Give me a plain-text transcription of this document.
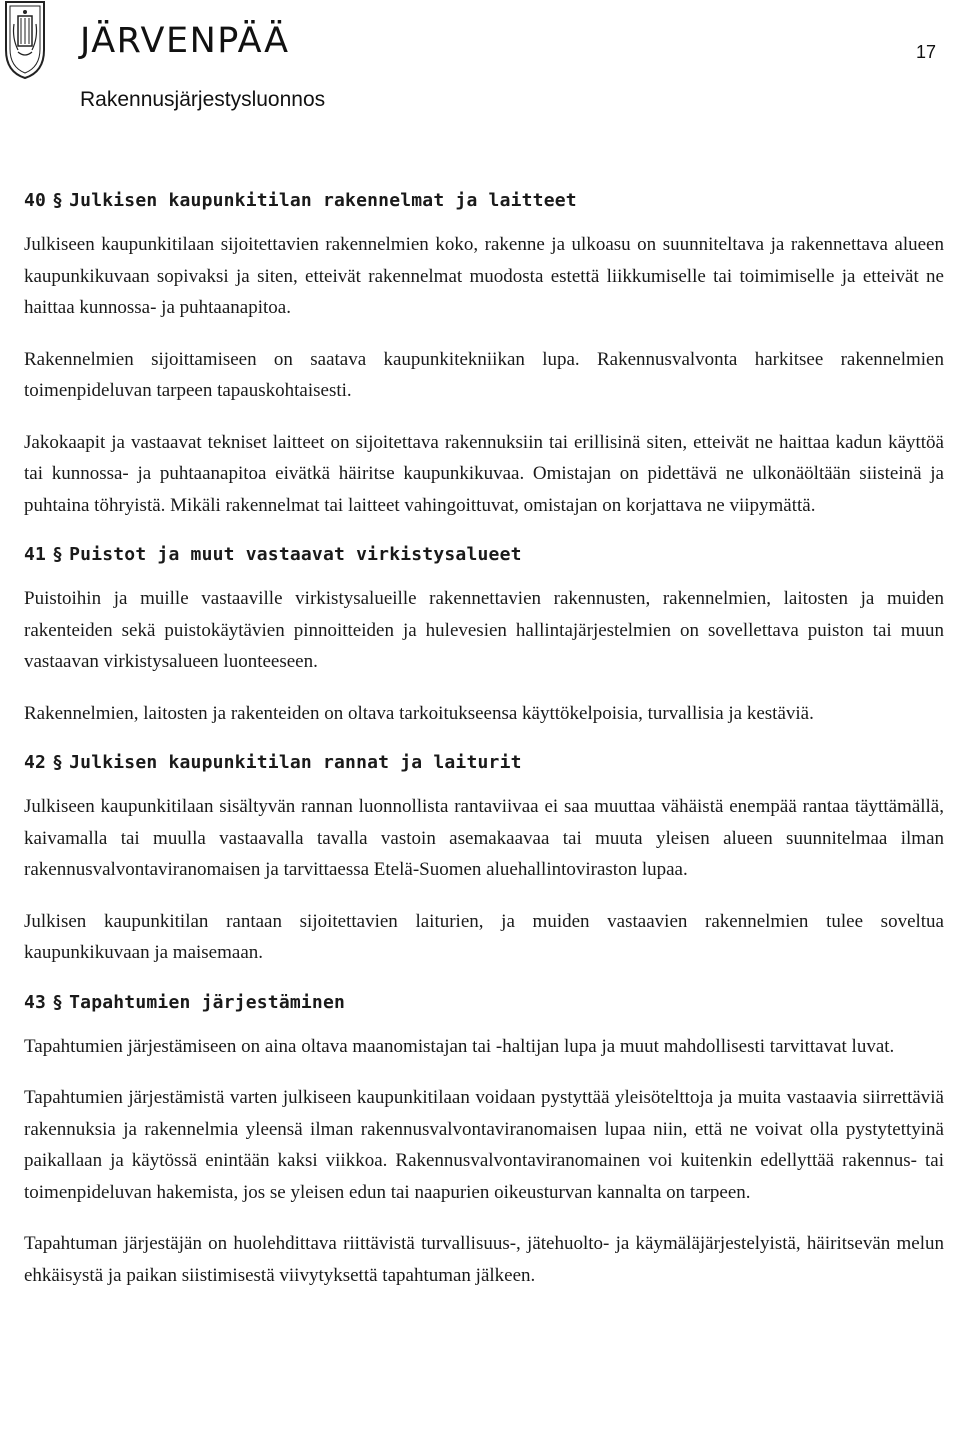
JÄRVENPÄÄ
Rakennusjärjestysluonnos
17
40 § Julkisen kaupunkitilan rakennelmat ja laitteet

Julkiseen kaupunkitilaan sijoitettavien rakennelmien koko, rakenne ja ulkoasu on suunniteltava ja rakennettava alueen kaupunkikuvaan sopivaksi ja siten, etteivät rakennelmat muodosta estettä liikkumiselle tai toimimiselle ja etteivät ne haittaa kunnossa- ja puhtaanapitoa.

Rakennelmien sijoittamiseen on saatava kaupunkitekniikan lupa. Rakennusvalvonta harkitsee rakennelmien toimenpideluvan tarpeen tapauskohtaisesti.

Jakokaapit ja vastaavat tekniset laitteet on sijoitettava rakennuksiin tai erillisinä siten, etteivät ne haittaa kadun käyttöä tai kunnossa- ja puhtaanapitoa eivätkä häiritse kaupunkikuvaa. Omistajan on pidettävä ne ulkonäöltään siisteinä ja puhtaina töhryistä. Mikäli rakennelmat tai laitteet vahingoittuvat, omistajan on korjattava ne viipymättä.

41 § Puistot ja muut vastaavat virkistysalueet

Puistoihin ja muille vastaaville virkistysalueille rakennettavien rakennusten, rakennelmien, laitosten ja muiden rakenteiden sekä puistokäytävien pinnoitteiden ja hulevesien hallintajärjestelmien on sovellettava puiston tai muun vastaavan virkistysalueen luonteeseen.

Rakennelmien, laitosten ja rakenteiden on oltava tarkoitukseensa käyttökelpoisia, turvallisia ja kestäviä.

42 § Julkisen kaupunkitilan rannat ja laiturit

Julkiseen kaupunkitilaan sisältyvän rannan luonnollista rantaviivaa ei saa muuttaa vähäistä enempää rantaa täyttämällä, kaivamalla tai muulla vastaavalla tavalla vastoin asemakaavaa tai muuta yleisen alueen suunnitelmaa ilman rakennusvalvontaviranomaisen ja tarvittaessa Etelä-Suomen aluehallintoviraston lupaa.

Julkisen kaupunkitilan rantaan sijoitettavien laiturien, ja muiden vastaavien rakennelmien tulee soveltua kaupunkikuvaan ja maisemaan.

43 § Tapahtumien järjestäminen

Tapahtumien järjestämiseen on aina oltava maanomistajan tai -haltijan lupa ja muut mahdollisesti tarvittavat luvat.

Tapahtumien järjestämistä varten julkiseen kaupunkitilaan voidaan pystyttää yleisötelttoja ja muita vastaavia siirrettäviä rakennuksia ja rakennelmia yleensä ilman rakennusvalvontaviranomaisen lupaa niin, että ne voivat olla pystytettyinä paikallaan ja käytössä enintään kaksi viikkoa. Rakennusvalvontaviranomainen voi kuitenkin edellyttää rakennus- tai toimenpideluvan hakemista, jos se yleisen edun tai naapurien oikeusturvan kannalta on tarpeen.

Tapahtuman järjestäjän on huolehdittava riittävistä turvallisuus-, jätehuolto- ja käymäläjärjestelyistä, häiritsevän melun ehkäisystä ja paikan siistimisestä viivytyksettä tapahtuman jälkeen.
